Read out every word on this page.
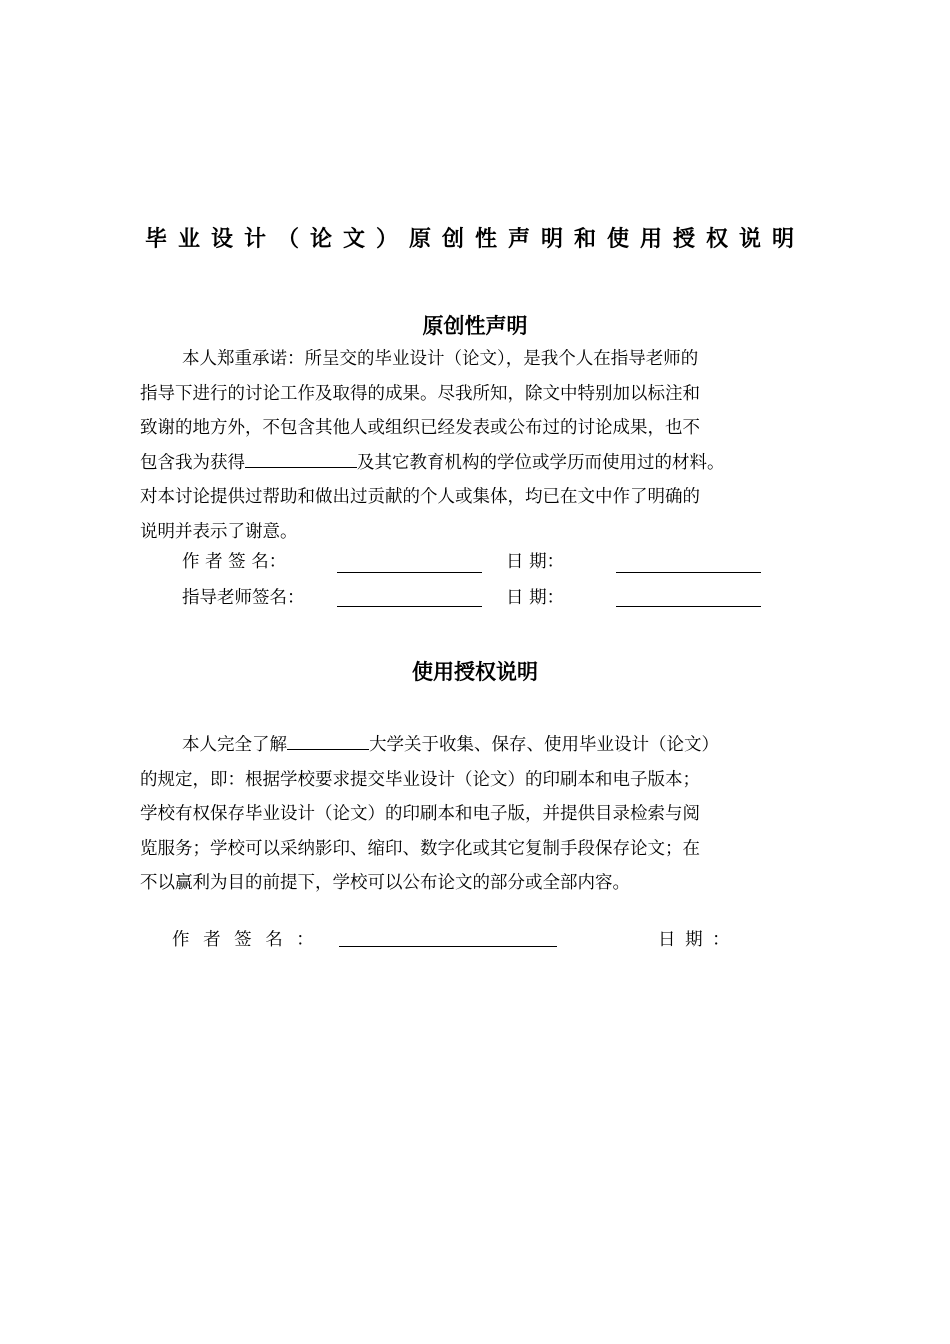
毕业设计（论文）原创性声明和使用授权说明
原创性声明
本人郑重承诺：所呈交的毕业设计（论文），是我个人在指导老师的
指导下进行的讨论工作及取得的成果。尽我所知，除文中特别加以标注和
致谢的地方外，不包含其他人或组织已经发表或公布过的讨论成果，也不
包含我为获得	及其它教育机构的学位或学历而使用过的材料。
对本讨论提供过帮助和做出过贡献的个人或集体，均已在文中作了明确的
说明并表示了谢意。
作 者 签 名：	日 期：
指导老师签名：	日 期：
使用授权说明
本人完全了解	大学关于收集、保存、使用毕业设计（论文）
的规定，即：根据学校要求提交毕业设计（论文）的印刷本和电子版本；
学校有权保存毕业设计（论文）的印刷本和电子版，并提供目录检索与阅
览服务；学校可以采纳影印、缩印、数字化或其它复制手段保存论文；在
不以赢利为目的前提下，学校可以公布论文的部分或全部内容。
作 者 签 名 ：	日 期 ：
